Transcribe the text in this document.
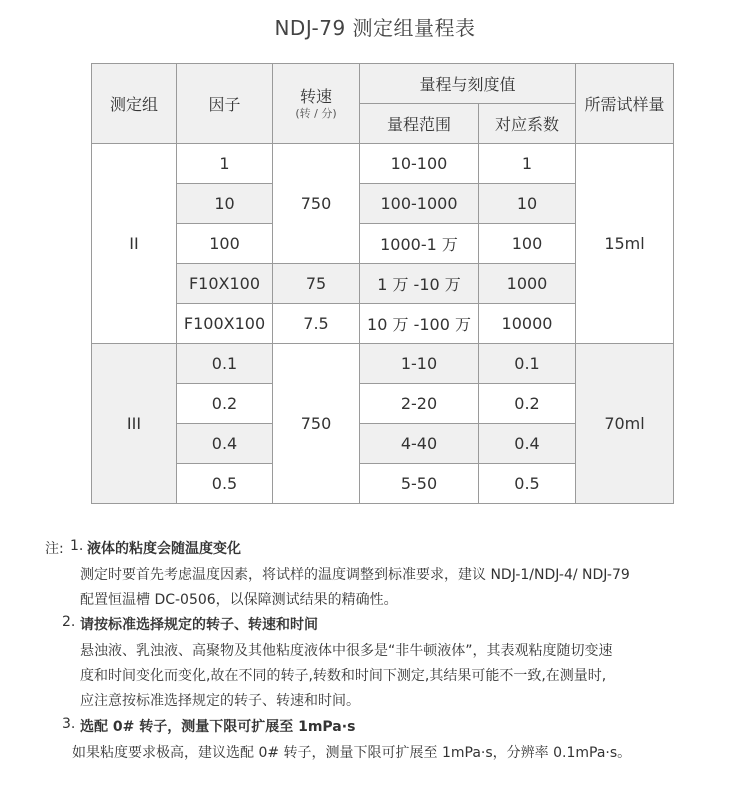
NDJ-79 测定组量程表
测定组	因子	转速
(转 / 分)	量程与刻度值		所需试样量
			量程范围	对应系数	
II	1	750	10-100	1	15ml
	10		100-1000	10	
	100		1000-1 万	100	
	F10X100	75	1 万 -10 万	1000	
	F100X100	7.5	10 万 -100 万	10000	
III	0.1	750	1-10	0.1	70ml
	0.2		2-20	0.2	
	0.4		4-40	0.4	
	0.5		5-50	0.5	
注: 1. 液体的粘度会随温度变化
测定时要首先考虑温度因素，将试样的温度调整到标准要求，建议 NDJ-1/NDJ-4/ NDJ-79
配置恒温槽 DC-0506，以保障测试结果的精确性。
2. 请按标准选择规定的转子、转速和时间
悬浊液、乳浊液、高聚物及其他粘度液体中很多是“非牛顿液体”，其表观粘度随切变速
度和时间变化而变化,故在不同的转子,转数和时间下测定,其结果可能不一致,在测量时,
应注意按标准选择规定的转子、转速和时间。
3. 选配 0# 转子，测量下限可扩展至 1mPa·s
如果粘度要求极高，建议选配 0# 转子，测量下限可扩展至 1mPa·s，分辨率 0.1mPa·s。
